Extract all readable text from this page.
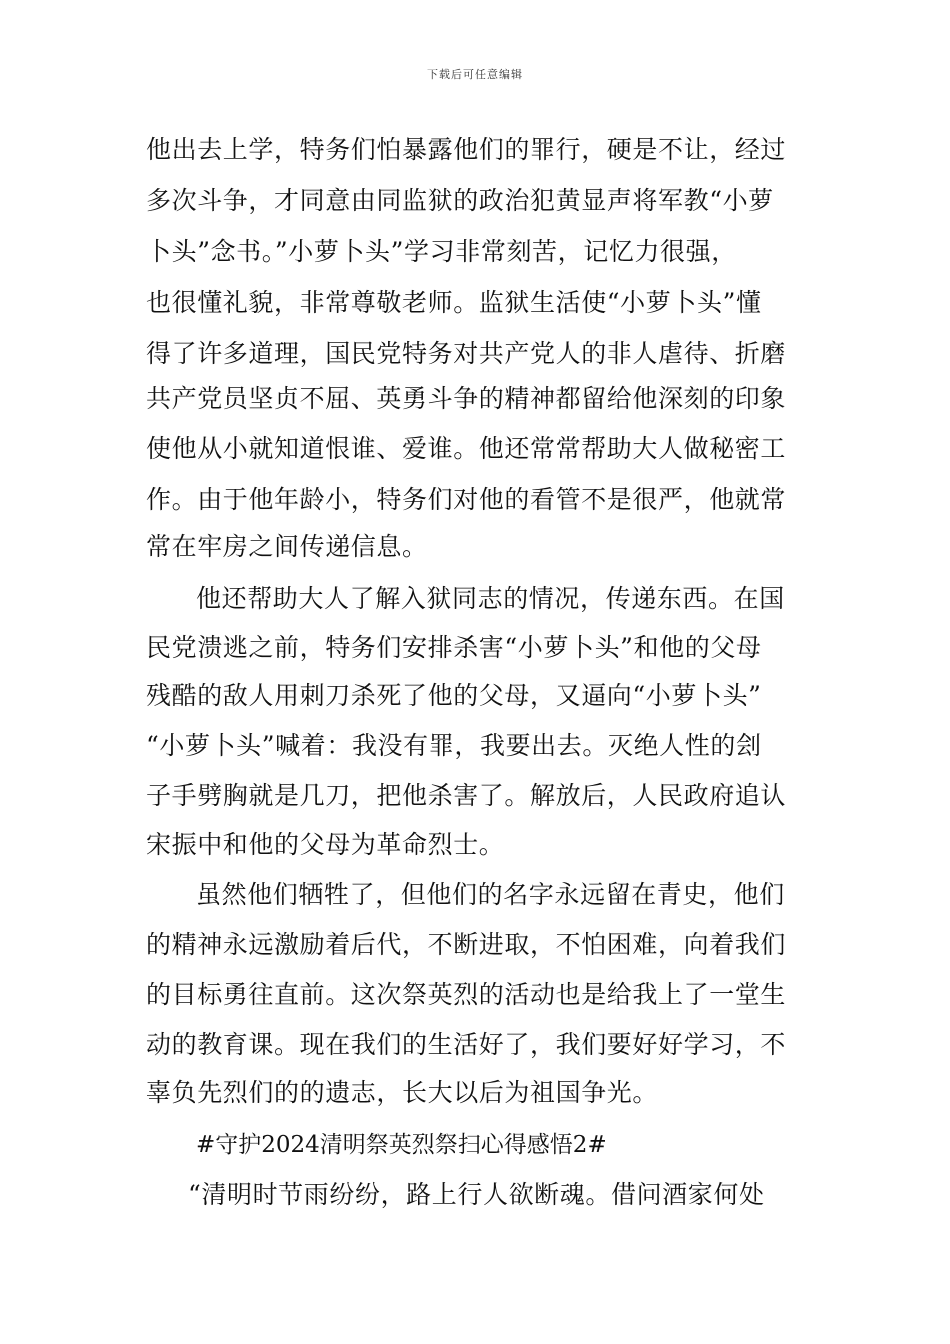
下载后可任意编辑
他出去上学，特务们怕暴露他们的罪行，硬是不让，经过
多次斗争，才同意由同监狱的政治犯黄显声将军教“小萝
卜头”念书。”小萝卜头”学习非常刻苦，记忆力很强，
也很懂礼貌，非常尊敬老师。监狱生活使“小萝卜头”懂
得了许多道理，国民党特务对共产党人的非人虐待、折磨
共产党员坚贞不屈、英勇斗争的精神都留给他深刻的印象
使他从小就知道恨谁、爱谁。他还常常帮助大人做秘密工
作。由于他年龄小，特务们对他的看管不是很严，他就常
常在牢房之间传递信息。
他还帮助大人了解入狱同志的情况，传递东西。在国
民党溃逃之前，特务们安排杀害“小萝卜头”和他的父母
残酷的敌人用刺刀杀死了他的父母，又逼向“小萝卜头”
“小萝卜头”喊着：我没有罪，我要出去。灭绝人性的刽
子手劈胸就是几刀，把他杀害了。解放后，人民政府追认
宋振中和他的父母为革命烈士。
虽然他们牺牲了，但他们的名字永远留在青史，他们
的精神永远激励着后代，不断进取，不怕困难，向着我们
的目标勇往直前。这次祭英烈的活动也是给我上了一堂生
动的教育课。现在我们的生活好了，我们要好好学习，不
辜负先烈们的的遗志，长大以后为祖国争光。
#守护2024清明祭英烈祭扫心得感悟2#
“清明时节雨纷纷，路上行人欲断魂。借问酒家何处
